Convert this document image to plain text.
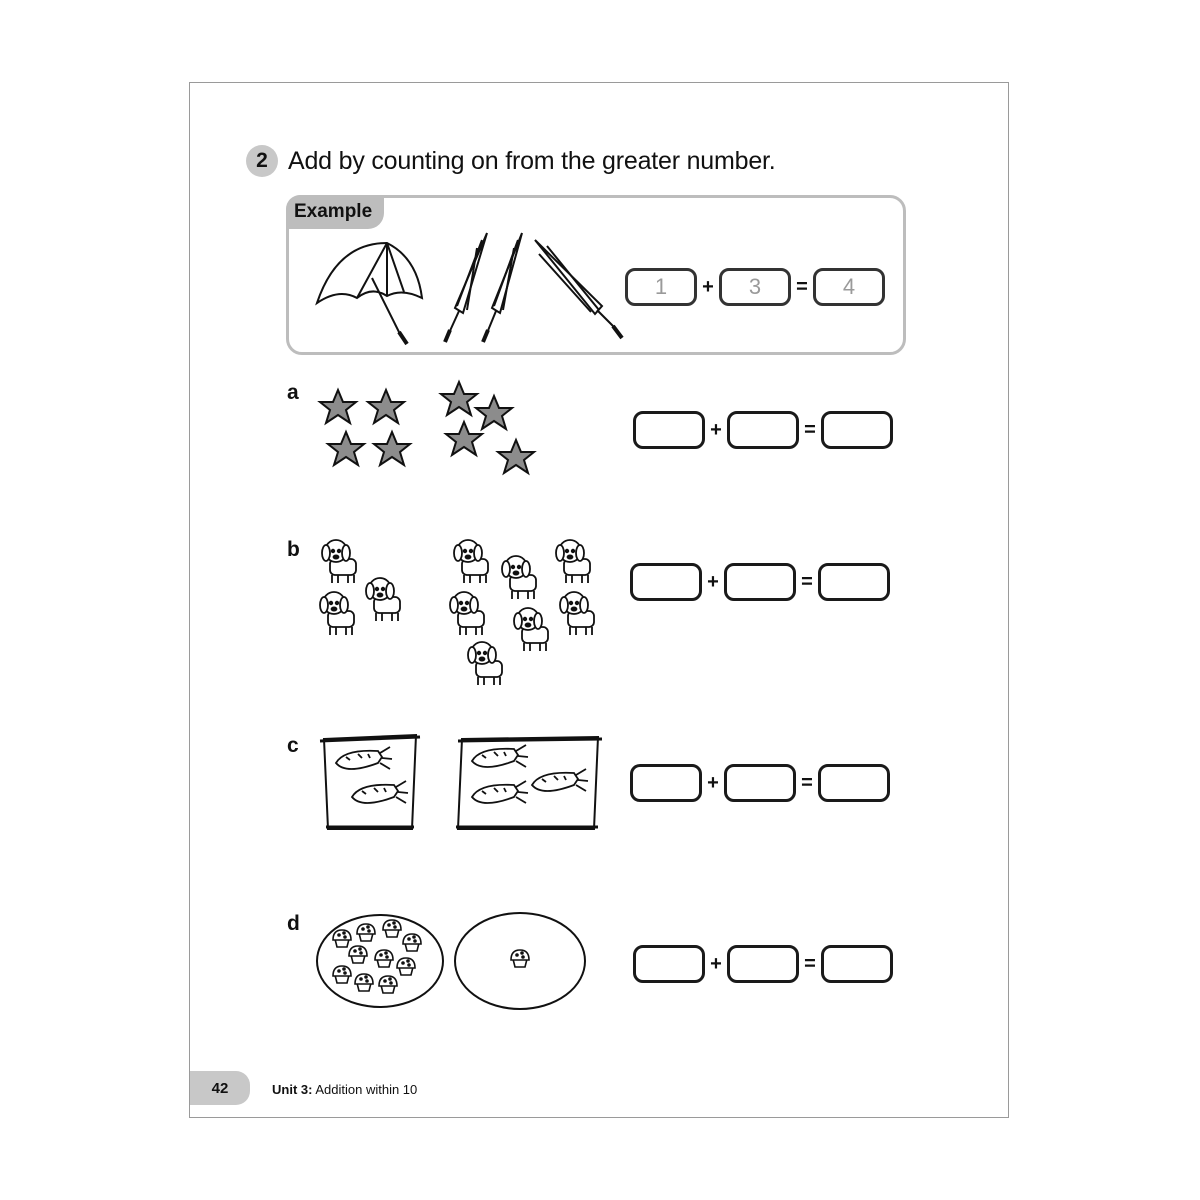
2 Add by counting on from the greater number.
Example
1	+	3	=	4
a
+	=
b
+	=
c
+	=
d
+	=
42	Unit 3: Addition within 10
